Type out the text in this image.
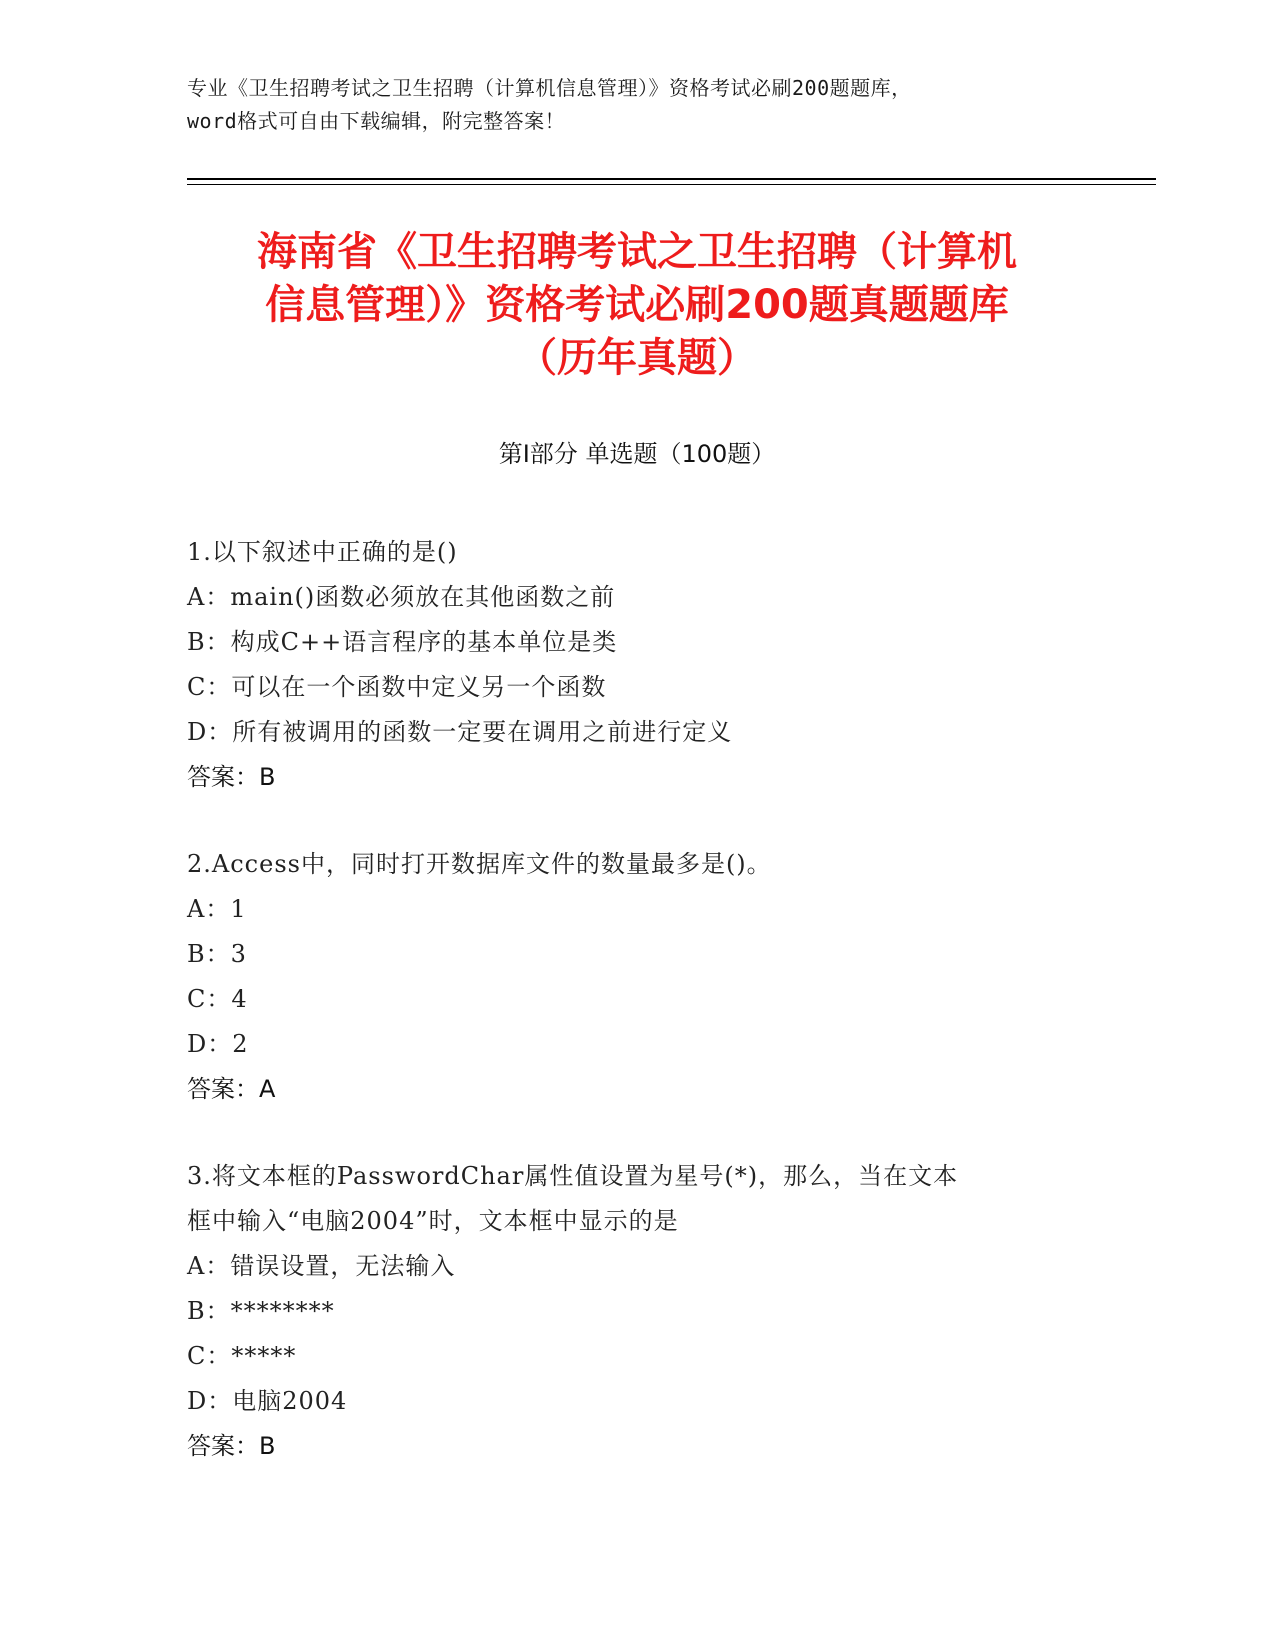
专业《卫生招聘考试之卫生招聘（计算机信息管理）》资格考试必刷200题题库，
word格式可自由下载编辑，附完整答案！
海南省《卫生招聘考试之卫生招聘（计算机
信息管理）》资格考试必刷200题真题题库
（历年真题）
第I部分 单选题（100题）
1.以下叙述中正确的是()
A：main()函数必须放在其他函数之前
B：构成C++语言程序的基本单位是类
C：可以在一个函数中定义另一个函数
D：所有被调用的函数一定要在调用之前进行定义
答案：B
2.Access中，同时打开数据库文件的数量最多是()。
A：1
B：3
C：4
D：2
答案：A
3.将文本框的PasswordChar属性值设置为星号(*)，那么，当在文本
框中输入“电脑2004”时，文本框中显示的是
A：错误设置，无法输入
B：********
C：*****
D：电脑2004
答案：B
